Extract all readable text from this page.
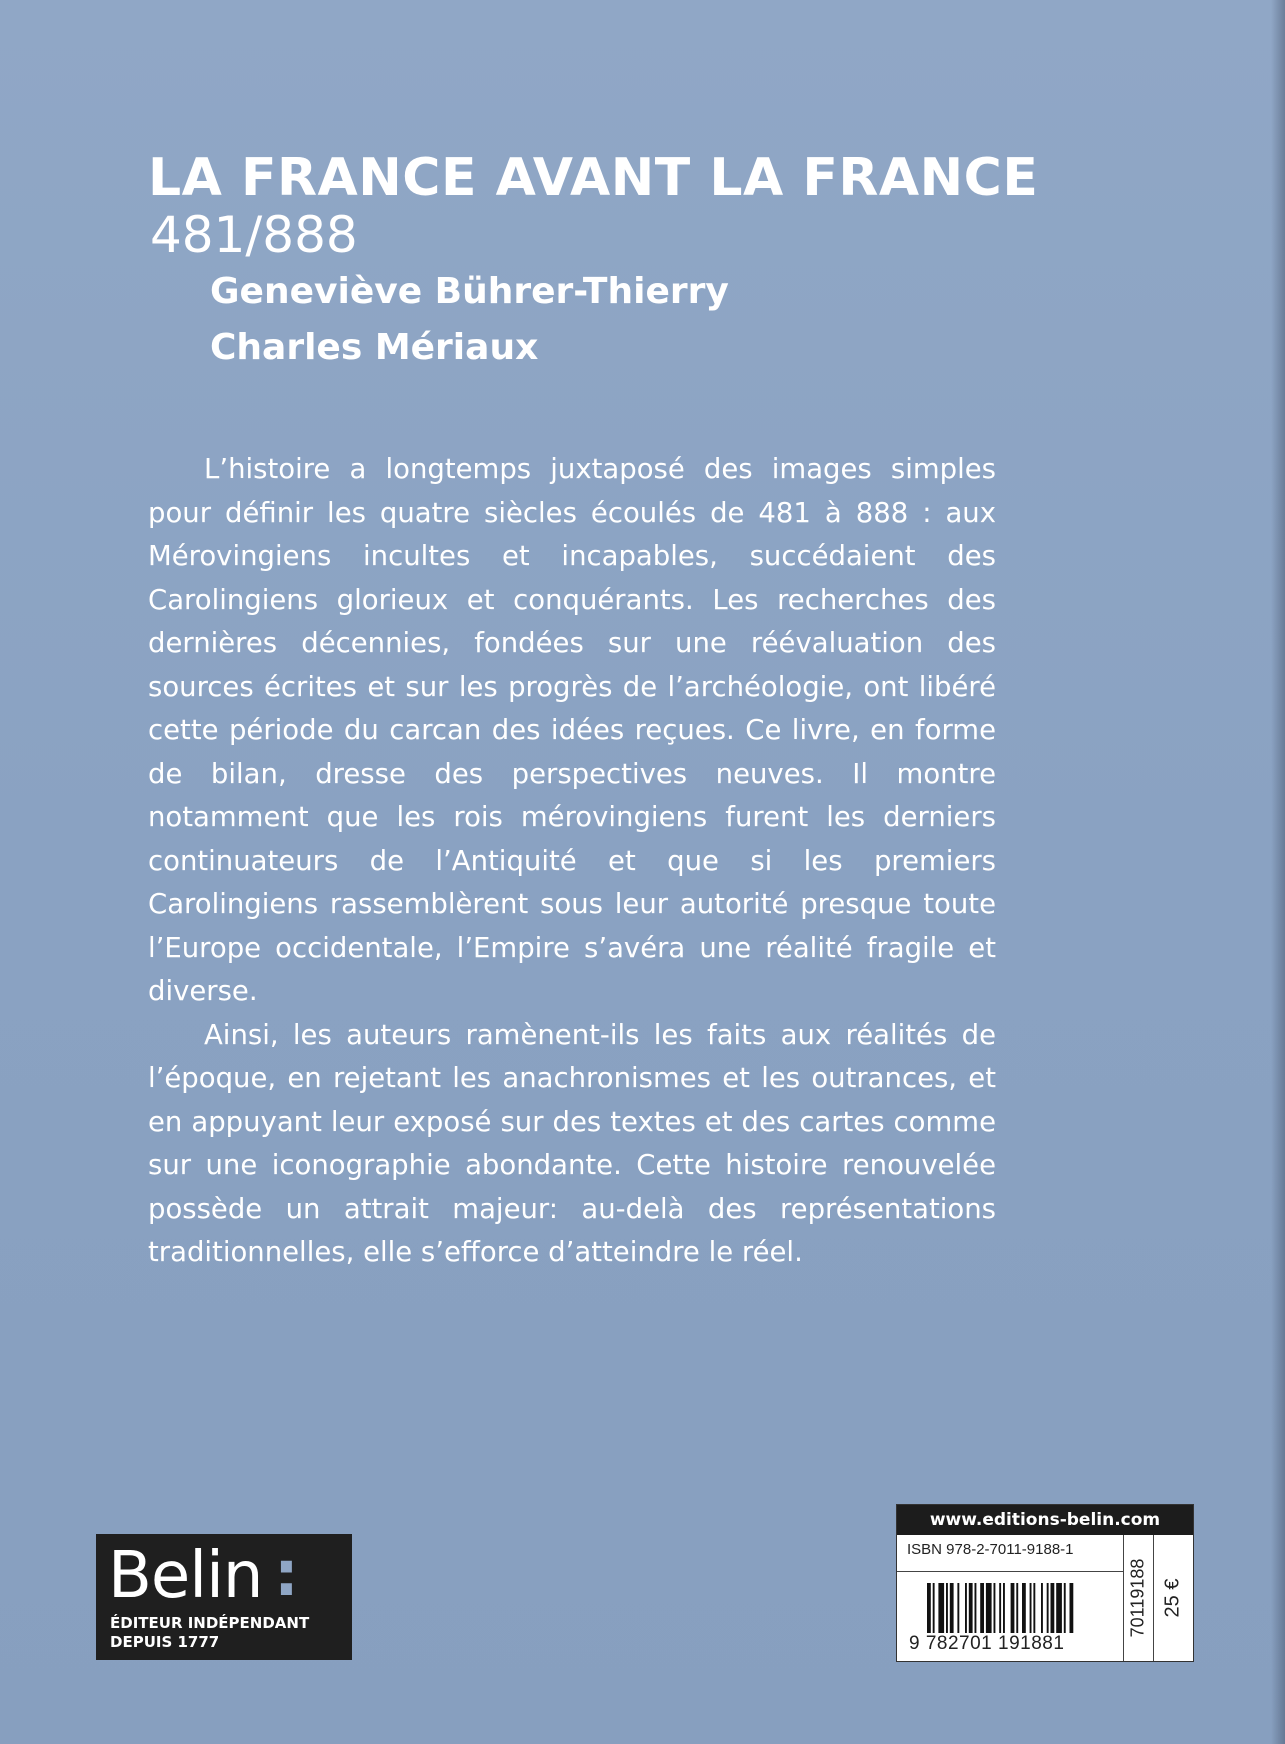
LA FRANCE AVANT LA FRANCE
481/888
Geneviève Bührer-Thierry
Charles Mériaux

L’histoire a longtemps juxtaposé des images simples pour définir les quatre siècles écoulés de 481 à 888 : aux Mérovingiens incultes et incapables, succédaient des Carolingiens glorieux et conquérants. Les recherches des dernières décennies, fondées sur une réévaluation des sources écrites et sur les progrès de l’archéologie, ont libéré cette période du carcan des idées reçues. Ce livre, en forme de bilan, dresse des perspectives neuves. Il montre notamment que les rois mérovingiens furent les derniers continuateurs de l’Antiquité et que si les premiers Carolingiens rassemblèrent sous leur autorité presque toute l’Europe occidentale, l’Empire s’avéra une réalité fragile et diverse.

Ainsi, les auteurs ramènent-ils les faits aux réalités de l’époque, en rejetant les anachronismes et les outrances, et en appuyant leur exposé sur des textes et des cartes comme sur une iconographie abondante. Cette histoire renouvelée possède un attrait majeur: au-delà des représentations traditionnelles, elle s’efforce d’atteindre le réel.

Belin :
ÉDITEUR INDÉPENDANT
DEPUIS 1777
www.editions-belin.com
ISBN 978-2-7011-9188-1
9 782701 191881
70119188 25 €
